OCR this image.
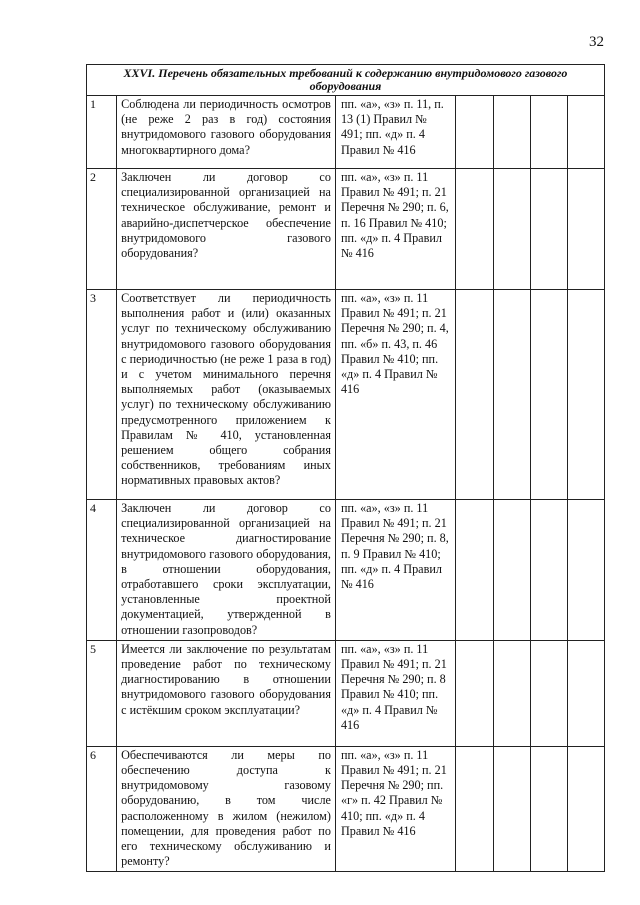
32
XXVI. Перечень обязательных требований к содержанию внутридомового газового оборудования						
1	Соблюдена ли периодичность осмотров (не реже 2 раз в год) состояния внутридомового газового оборудования многоквартирного дома?	пп. «а», «з» п. 11, п. 13 (1) Правил № 491; пп. «д» п. 4 Правил № 416				
2	Заключен ли договор со специализированной организацией на техническое обслуживание, ремонт и аварийно-диспетчерское обеспечение внутридомового газового оборудования?	пп. «а», «з» п. 11 Правил № 491; п. 21 Перечня № 290; п. 6, п. 16 Правил № 410; пп. «д» п. 4 Правил № 416				
3	Соответствует ли периодичность выполнения работ и (или) оказанных услуг по техническому обслуживанию внутридомового газового оборудования с периодичностью (не реже 1 раза в год) и с учетом минимального перечня выполняемых работ (оказываемых услуг) по техническому обслуживанию предусмотренного приложением к Правилам № 410, установленная решением общего собрания собственников, требованиям иных нормативных правовых актов?	пп. «а», «з» п. 11 Правил № 491; п. 21 Перечня № 290; п. 4, пп. «б» п. 43, п. 46 Правил № 410; пп. «д» п. 4 Правил № 416				
4	Заключен ли договор со специализированной организацией на техническое диагностирование внутридомового газового оборудования, в отношении оборудования, отработавшего сроки эксплуатации, установленные проектной документацией, утвержденной в отношении газопроводов?	пп. «а», «з» п. 11 Правил № 491; п. 21 Перечня № 290; п. 8, п. 9 Правил № 410; пп. «д» п. 4 Правил № 416				
5	Имеется ли заключение по результатам проведение работ по техническому диагностированию в отношении внутридомового газового оборудования с истёкшим сроком эксплуатации?	пп. «а», «з» п. 11 Правил № 491; п. 21 Перечня № 290; п. 8 Правил № 410; пп. «д» п. 4 Правил № 416				
6	Обеспечиваются ли меры по обеспечению доступа к внутридомовому газовому оборудованию, в том числе расположенному в жилом (нежилом) помещении, для проведения работ по его техническому обслуживанию и ремонту?	пп. «а», «з» п. 11 Правил № 491; п. 21 Перечня № 290; пп. «г» п. 42 Правил № 410; пп. «д» п. 4 Правил № 416				
